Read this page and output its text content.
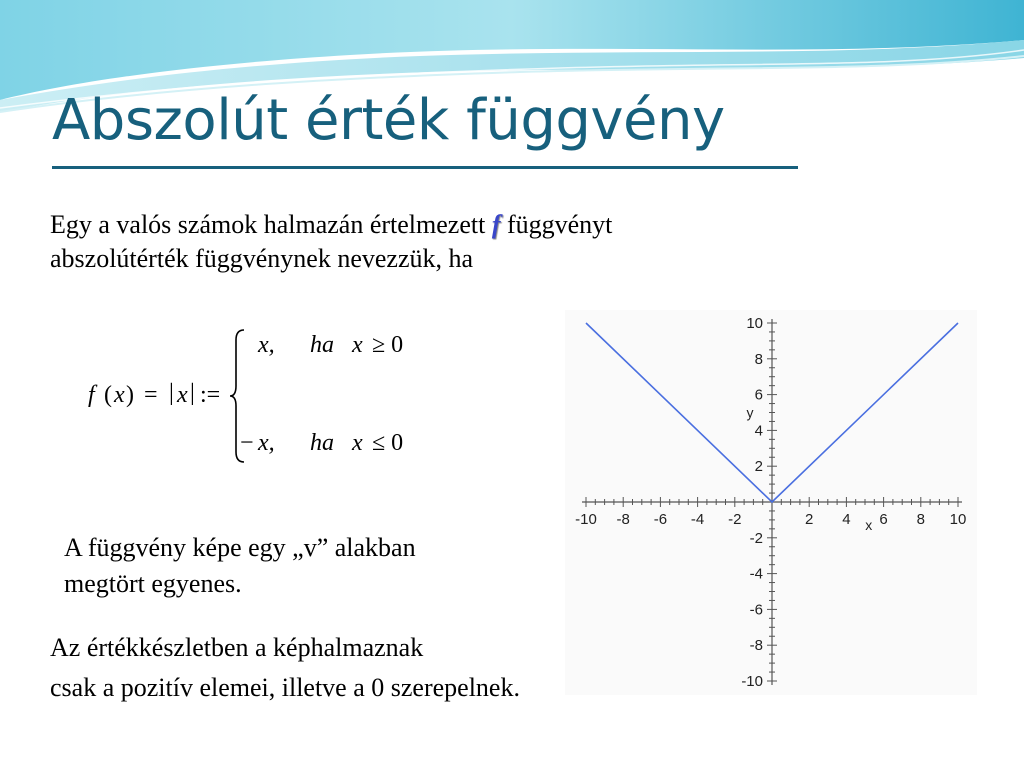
Abszolút érték függvény
Egy a valós számok halmazán értelmezett f függvényt
abszolútérték függvénynek nevezzük, ha
f ( x ) = | x | :=
x, ha x ≥ 0
− x, ha x ≤ 0
-10 -8 -6 -4 -2	2 4 6 8 10
-10
-8
-6
-4
-2
2
4
6
8
10
x
y
A függvény képe egy „v” alakban
megtört egyenes.
Az értékkészletben a képhalmaznak
csak a pozitív elemei, illetve a 0 szerepelnek.
